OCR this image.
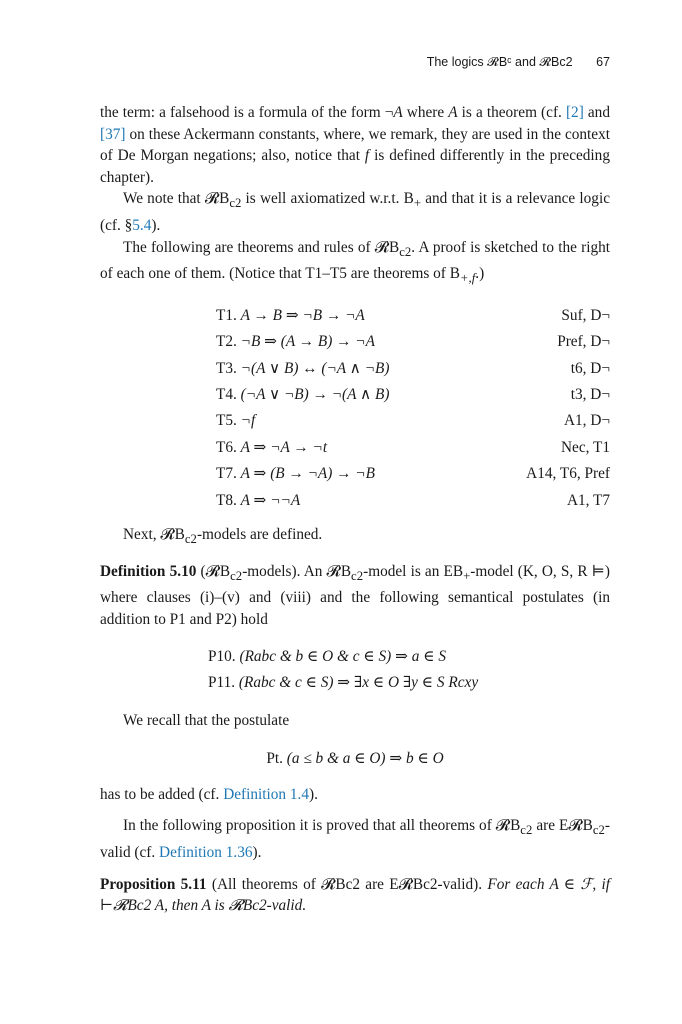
The logics 𝓡Bᶜ and 𝓡Bc2 67

the term: a falsehood is a formula of the form ¬A where A is a theorem (cf. [2] and [37] on these Ackermann constants, where, we remark, they are used in the context of De Morgan negations; also, notice that f is defined differently in the preceding chapter).

We note that 𝓡B$_{c2}$ is well axiomatized w.r.t. $B_+$ and that it is a relevance logic (cf. §5.4).

The following are theorems and rules of 𝓡B$_{c2}$. A proof is sketched to the right of each one of them. (Notice that T1–T5 are theorems of $B_{+,f}$.)

T1. A → B ⇒ ¬B → ¬A	Suf, D¬
T2. ¬B ⇒ (A → B) → ¬A	Pref, D¬
T3. ¬(A ∨ B) ↔ (¬A ∧ ¬B)	t6, D¬
T4. (¬A ∨ ¬B) → ¬(A ∧ B)	t3, D¬
T5. ¬f	A1, D¬
T6. A ⇒ ¬A → ¬t	Nec, T1
T7. A ⇒ (B → ¬A) → ¬B	A14, T6, Pref
T8. A ⇒ ¬¬A	A1, T7

Next, 𝓡B$_{c2}$-models are defined.

Definition 5.10 (𝓡B$_{c2}$-models). An 𝓡B$_{c2}$-model is an $EB_+$-model (K, O, S, R ⊨) where clauses (i)–(v) and (viii) and the following semantical postulates (in addition to P1 and P2) hold

P10. (Rabc & b ∈ O & c ∈ S) ⇒ a ∈ S
P11. (Rabc & c ∈ S) ⇒ ∃x ∈ O ∃y ∈ S Rcxy

We recall that the postulate

Pt. (a ≤ b & a ∈ O) ⇒ b ∈ O

has to be added (cf. Definition 1.4).

In the following proposition it is proved that all theorems of 𝓡B$_{c2}$ are E𝓡B$_{c2}$-valid (cf. Definition 1.36).

Proposition 5.11 (All theorems of 𝓡Bc2 are E𝓡Bc2-valid). For each A ∈ ℱ, if ⊢𝓡Bc2 A, then A is 𝓡Bc2-valid.
